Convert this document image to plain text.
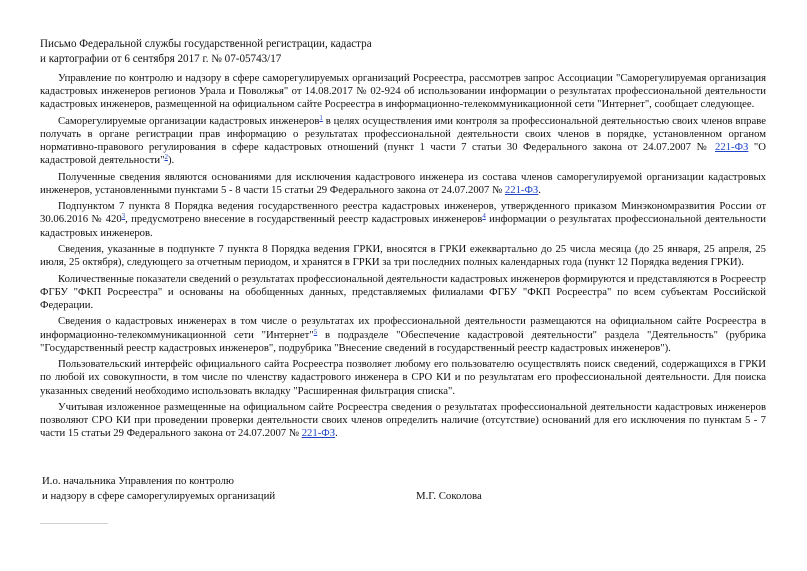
Письмо Федеральной службы государственной регистрации, кадастра
и картографии от 6 сентября 2017 г. № 07-05743/17

Управление по контролю и надзору в сфере саморегулируемых организаций Росреестра, рассмотрев запрос Ассоциации "Саморегулируемая организация кадастровых инженеров регионов Урала и Поволжья" от 14.08.2017 № 02-924 об использовании информации о результатах профессиональной деятельности кадастровых инженеров, размещенной на официальном сайте Росреестра в информационно-телекоммуникационной сети "Интернет", сообщает следующее.

Саморегулируемые организации кадастровых инженеров$^1$ в целях осуществления ими контроля за профессиональной деятельностью своих членов вправе получать в органе регистрации прав информацию о результатах профессиональной деятельности своих членов в порядке, установленном органом нормативно-правового регулирования в сфере кадастровых отношений (пункт 1 части 7 статьи 30 Федерального закона от 24.07.2007 № 221-ФЗ "О кадастровой деятельности"$^2$).

Полученные сведения являются основаниями для исключения кадастрового инженера из состава членов саморегулируемой организации кадастровых инженеров, установленными пунктами 5 - 8 части 15 статьи 29 Федерального закона от 24.07.2007 № 221-ФЗ.

Подпунктом 7 пункта 8 Порядка ведения государственного реестра кадастровых инженеров, утвержденного приказом Минэкономразвития России от 30.06.2016 № $420^3$, предусмотрено внесение в государственный реестр кадастровых инженеров$^4$ информации о результатах профессиональной деятельности кадастровых инженеров.

Сведения, указанные в подпункте 7 пункта 8 Порядка ведения ГРКИ, вносятся в ГРКИ ежеквартально до 25 числа месяца (до 25 января, 25 апреля, 25 июля, 25 октября), следующего за отчетным периодом, и хранятся в ГРКИ за три последних полных календарных года (пункт 12 Порядка ведения ГРКИ).

Количественные показатели сведений о результатах профессиональной деятельности кадастровых инженеров формируются и представляются в Росреестр ФГБУ "ФКП Росреестра" и основаны на обобщенных данных, представляемых филиалами ФГБУ "ФКП Росреестра" по всем субъектам Российской Федерации.

Сведения о кадастровых инженерах в том числе о результатах их профессиональной деятельности размещаются на официальном сайте Росреестра в информационно-телекоммуникационной сети "Интернет"$^5$ в подразделе "Обеспечение кадастровой деятельности" раздела "Деятельность" (рубрика "Государственный реестр кадастровых инженеров", подрубрика "Внесение сведений в государственный реестр кадастровых инженеров").

Пользовательский интерфейс официального сайта Росреестра позволяет любому его пользователю осуществлять поиск сведений, содержащихся в ГРКИ по любой их совокупности, в том числе по членству кадастрового инженера в СРО КИ и по результатам его профессиональной деятельности. Для поиска указанных сведений необходимо использовать вкладку "Расширенная фильтрация списка".

Учитывая изложенное размещенные на официальном сайте Росреестра сведения о результатах профессиональной деятельности кадастровых инженеров позволяют СРО КИ при проведении проверки деятельности своих членов определить наличие (отсутствие) оснований для его исключения по пунктам 5 - 7 части 15 статьи 29 Федерального закона от 24.07.2007 № 221-ФЗ.

И.о. начальника Управления по контролю
и надзору в сфере саморегулируемых организаций	М.Г. Соколова
